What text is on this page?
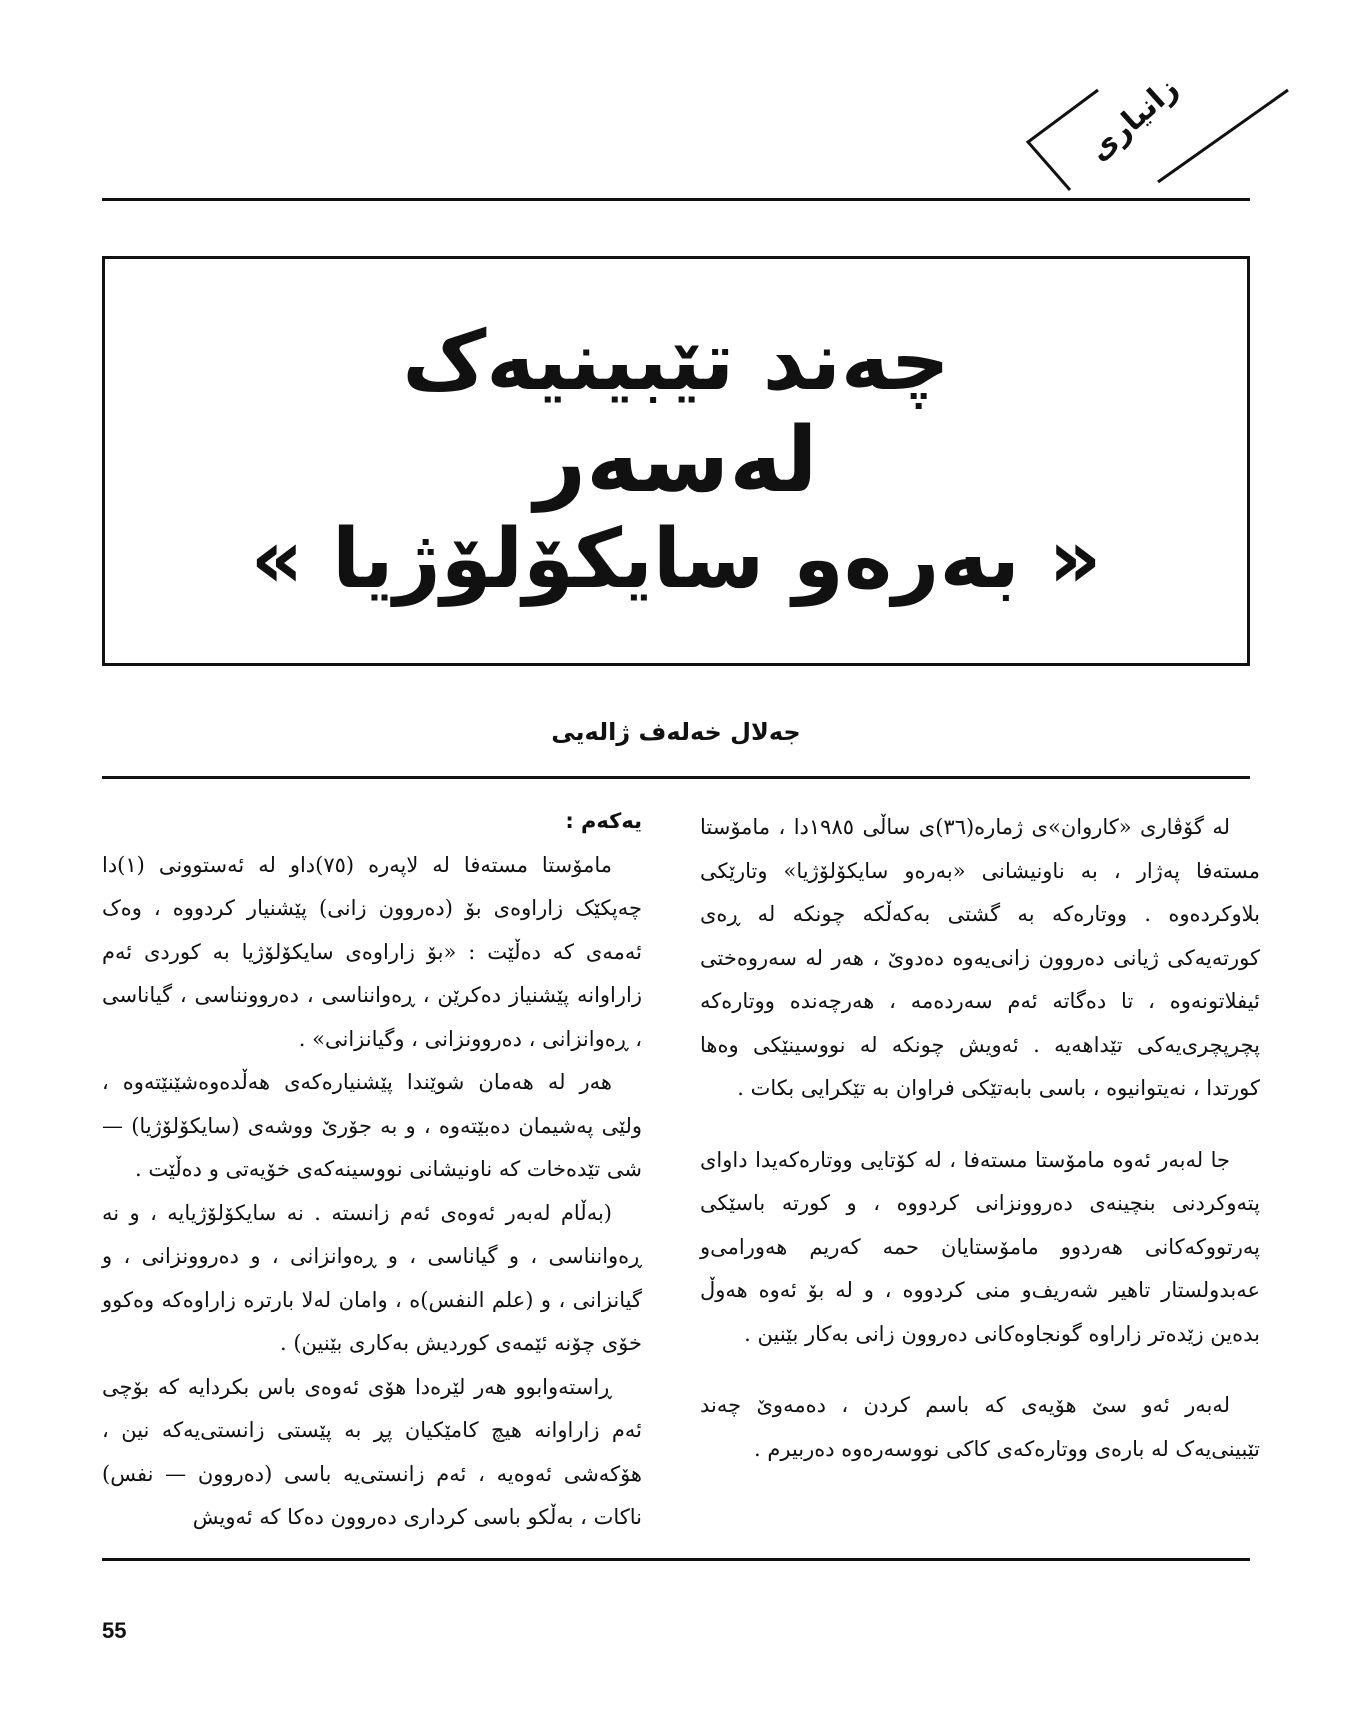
زانیاری
چەند تێبینیەک
لەسەر
« بەرەو سایکۆلۆژیا »
جەلال خەلەف ژالەیی

لە گۆڤاری «کاروان»ی ژمارە(٣٦)ی ساڵی ١٩٨٥دا ، مامۆستا مستەفا پەژار ، بە ناونیشانی «بەرەو سایکۆلۆژیا» وتارێکی بلاوکردەوە . ووتارەکە بە گشتی بەکەڵکە چونکە لە ڕەی کورتەیەکی ژیانی دەروون زانی‌یەوە دەدوێ ، هەر لە سەروەختی ئیفلاتونەوە ، تا دەگاتە ئەم سەردەمە ، هەرچەندە ووتارەکە پچرپچری‌یەکی تێداهەیە . ئەویش چونکە لە نووسینێکی وەها کورتدا ، نەیتوانیوە ، باسی بابەتێکی فراوان بە تێکرایی بکات .

جا لەبەر ئەوە مامۆستا مستەفا ، لە کۆتایی ووتارەکەیدا داوای پتەوکردنی بنچینەی دەروونزانی کردووە ، و کورتە باسێکی پەرتووکەکانی هەردوو مامۆستایان حمە کەریم هەورامی‌و عەبدولستار تاهیر شەریف‌و منی کردووە ، و لە بۆ ئەوە هەوڵ بدەین زێدەتر زاراوە گونجاوەکانی دەروون زانی بەکار بێنین .

لەبەر ئەو سێ هۆیەی کە باسم کردن ، دەمەوێ چەند تێبینی‌یەک لە بارەی ووتارەکەی کاکی نووسەرەوە دەربیرم .

یەکەم :

مامۆستا مستەفا لە لاپەرە (٧٥)داو لە ئەستوونی (١)دا چەپکێک زاراوەی بۆ (دەروون زانی) پێشنیار کردووە ، وەک ئەمەی کە دەڵێت : «بۆ زاراوەی سایکۆلۆژیا بە کوردی ئەم زاراوانە پێشنیاز دەکرێن ، ڕەوانناسی ، دەروونناسی ، گیاناسی ، ڕەوانزانی ، دەروونزانی ، وگیانزانی» .

هەر لە هەمان شوێندا پێشنیارەکەی هەڵدەوەشێنێتەوە ، ولێی پەشیمان دەبێتەوە ، و بە جۆرێ ووشەی (سایکۆلۆژیا) — شی تێدەخات کە ناونیشانی نووسینەکەی خۆیەتی و دەڵێت .

(بەڵام لەبەر ئەوەی ئەم زانستە . نە سایکۆلۆژیایە ، و نە ڕەوانناسی ، و گیاناسی ، و ڕەوانزانی ، و دەروونزانی ، و گیانزانی ، و (علم النفس)ە ، وامان لەلا بارترە زاراوەکە وەکوو خۆی چۆنە ئێمەی کوردیش بەکاری بێنین) .

ڕاستەوابوو هەر لێرەدا هۆی ئەوەی باس بکردایە کە بۆچی ئەم زاراوانە هیچ کامێکیان پڕ بە پێستی زانستی‌یەکە نین ، هۆکەشی ئەوەیە ، ئەم زانستی‌یە باسی (دەروون — نفس) ناکات ، بەڵکو باسی کرداری دەروون دەکا کە ئەویش

55
